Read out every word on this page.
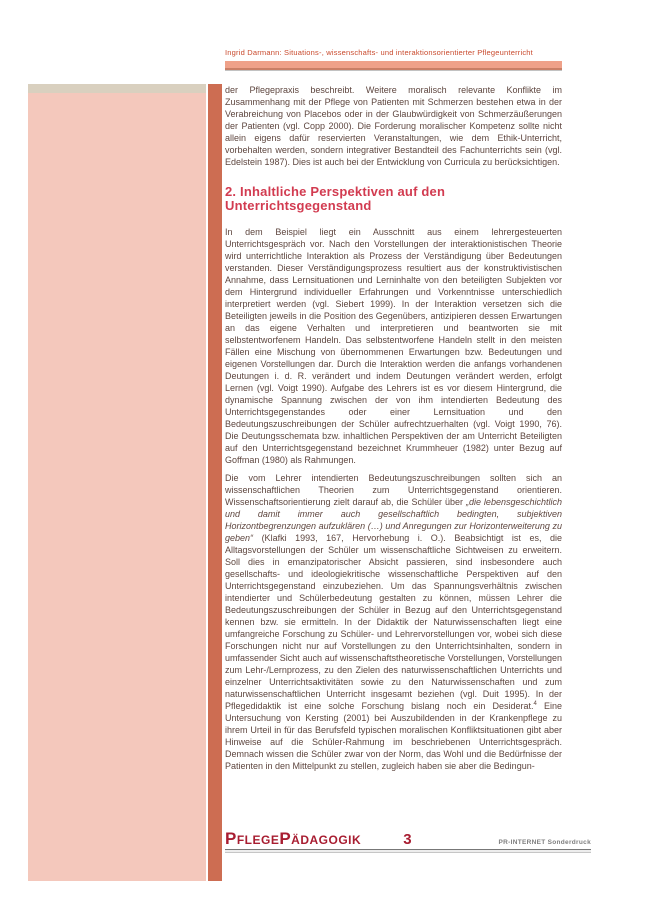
Ingrid Darmann: Situations-, wissenschafts- und interaktionsorientierter Pflegeunterricht

der Pflegepraxis beschreibt. Weitere moralisch relevante Konflikte im Zusammenhang mit der Pflege von Patienten mit Schmerzen bestehen etwa in der Verabreichung von Placebos oder in der Glaubwürdigkeit von Schmerzäußerungen der Patienten (vgl. Copp 2000). Die Forderung moralischer Kompetenz sollte nicht allein eigens dafür reservierten Veranstaltungen, wie dem Ethik-Unterricht, vorbehalten werden, sondern integrativer Bestandteil des Fachunterrichts sein (vgl. Edelstein 1987). Dies ist auch bei der Entwicklung von Curricula zu berücksichtigen.

2. Inhaltliche Perspektiven auf den Unterrichtsgegenstand

In dem Beispiel liegt ein Ausschnitt aus einem lehrergesteuerten Unterrichtsgespräch vor. Nach den Vorstellungen der interaktionistischen Theorie wird unterrichtliche Interaktion als Prozess der Verständigung über Bedeutungen verstanden. Dieser Verständigungsprozess resultiert aus der konstruktivistischen Annahme, dass Lernsituationen und Lerninhalte von den beteiligten Subjekten vor dem Hintergrund individueller Erfahrungen und Vorkenntnisse unterschiedlich interpretiert werden (vgl. Siebert 1999). In der Interaktion versetzen sich die Beteiligten jeweils in die Position des Gegenübers, antizipieren dessen Erwartungen an das eigene Verhalten und interpretieren und beantworten sie mit selbstentworfenem Handeln. Das selbstentworfene Handeln stellt in den meisten Fällen eine Mischung von übernommenen Erwartungen bzw. Bedeutungen und eigenen Vorstellungen dar. Durch die Interaktion werden die anfangs vorhandenen Deutungen i. d. R. verändert und indem Deutungen verändert werden, erfolgt Lernen (vgl. Voigt 1990). Aufgabe des Lehrers ist es vor diesem Hintergrund, die dynamische Spannung zwischen der von ihm intendierten Bedeutung des Unterrichtsgegenstandes oder einer Lernsituation und den Bedeutungszuschreibungen der Schüler aufrechtzuerhalten (vgl. Voigt 1990, 76). Die Deutungsschemata bzw. inhaltlichen Perspektiven der am Unterricht Beteiligten auf den Unterrichtsgegenstand bezeichnet Krummheuer (1982) unter Bezug auf Goffman (1980) als Rahmungen.

Die vom Lehrer intendierten Bedeutungszuschreibungen sollten sich an wissenschaftlichen Theorien zum Unterrichtsgegenstand orientieren. Wissenschaftsorientierung zielt darauf ab, die Schüler über „die lebensgeschichtlich und damit immer auch gesellschaftlich bedingten, subjektiven Horizontbegrenzungen aufzuklären (…) und Anregungen zur Horizonterweiterung zu geben“ (Klafki 1993, 167, Hervorhebung i. O.). Beabsichtigt ist es, die Alltagsvorstellungen der Schüler um wissenschaftliche Sichtweisen zu erweitern. Soll dies in emanzipatorischer Absicht passieren, sind insbesondere auch gesellschafts- und ideologiekritische wissenschaftliche Perspektiven auf den Unterrichtsgegenstand einzubeziehen. Um das Spannungsverhältnis zwischen intendierter und Schülerbedeutung gestalten zu können, müssen Lehrer die Bedeutungszuschreibungen der Schüler in Bezug auf den Unterrichtsgegenstand kennen bzw. sie ermitteln. In der Didaktik der Naturwissenschaften liegt eine umfangreiche Forschung zu Schüler- und Lehrervorstellungen vor, wobei sich diese Forschungen nicht nur auf Vorstellungen zu den Unterrichtsinhalten, sondern in umfassender Sicht auch auf wissenschaftstheoretische Vorstellungen, Vorstellungen zum Lehr-/Lernprozess, zu den Zielen des naturwissenschaftlichen Unterrichts und einzelner Unterrichtsaktivitäten sowie zu den Naturwissenschaften und zum naturwissenschaftlichen Unterricht insgesamt beziehen (vgl. Duit 1995). In der Pflegedidaktik ist eine solche Forschung bislang noch ein Desiderat.$^4$ Eine Untersuchung von Kersting (2001) bei Auszubildenden in der Krankenpflege zu ihrem Urteil in für das Berufsfeld typischen moralischen Konfliktsituationen gibt aber Hinweise auf die Schüler-Rahmung im beschriebenen Unterrichtsgespräch. Demnach wissen die Schüler zwar von der Norm, das Wohl und die Bedürfnisse der Patienten in den Mittelpunkt zu stellen, zugleich haben sie aber die Bedingun-

PflegePädagogik	3	PR-INTERNET Sonderdruck
